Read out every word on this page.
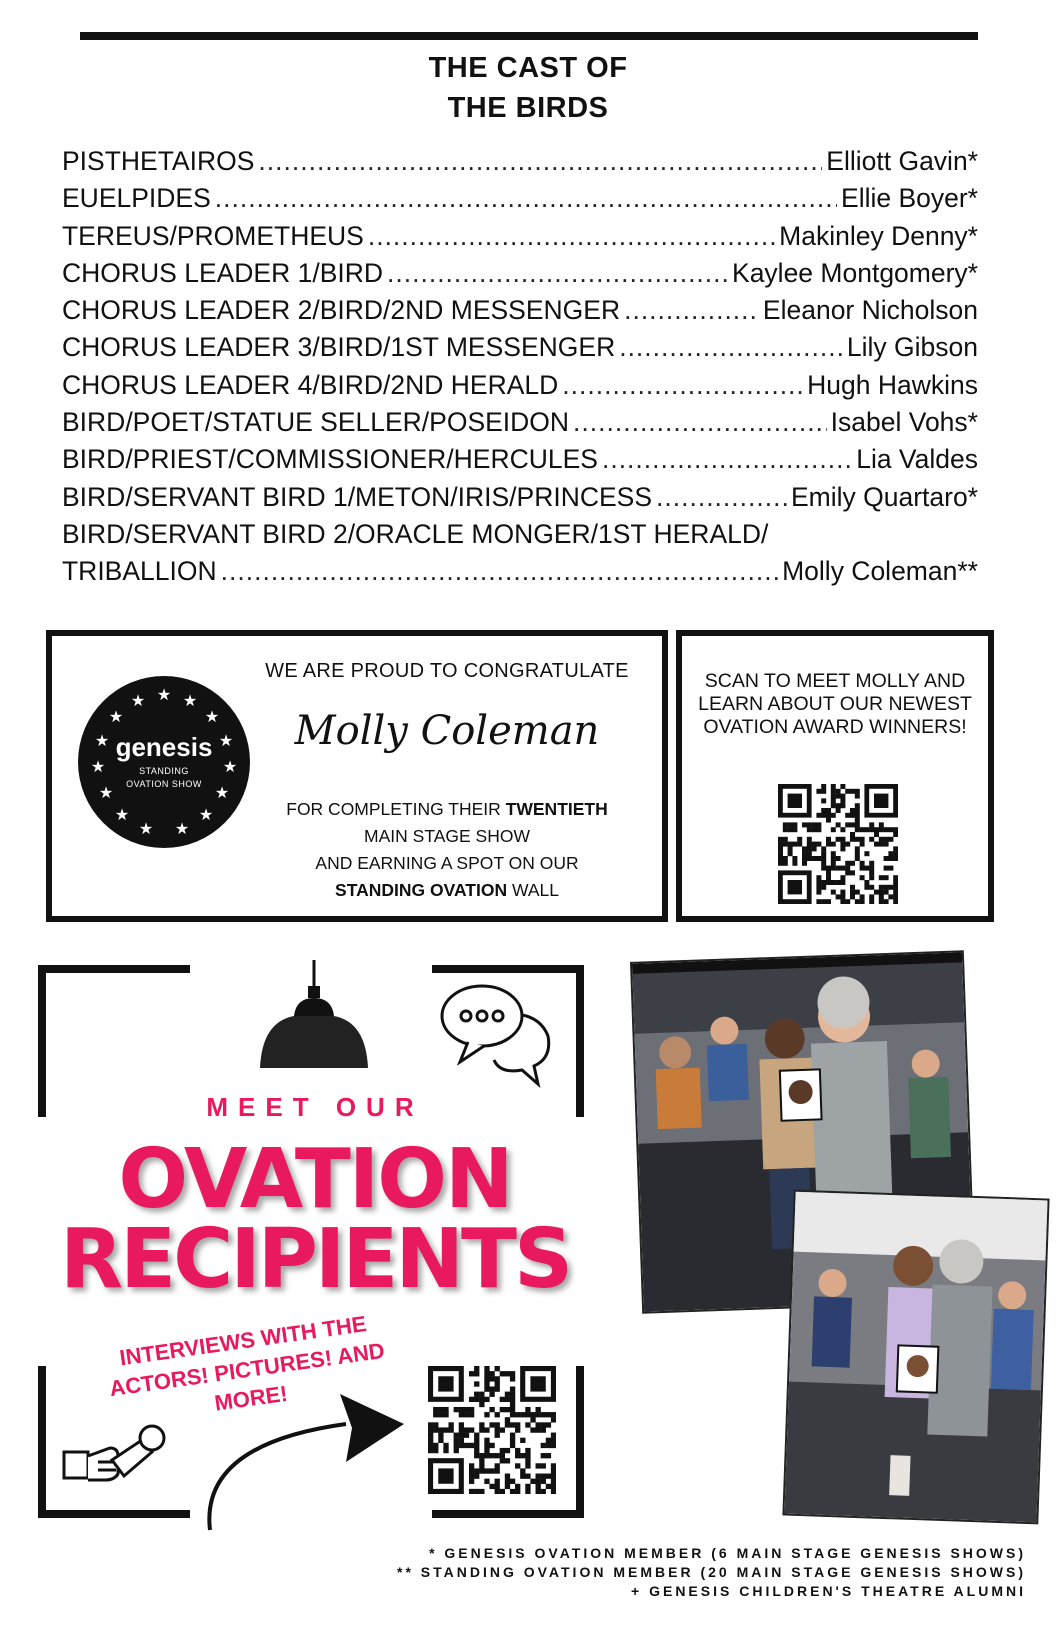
THE CAST OF
THE BIRDS
PISTHETAIROS .....	Elliott Gavin*
EUELPIDES .....	Ellie Boyer*
TEREUS/PROMETHEUS .....	Makinley Denny*
CHORUS LEADER 1/BIRD .....	Kaylee Montgomery*
CHORUS LEADER 2/BIRD/2ND MESSENGER .....	Eleanor Nicholson
CHORUS LEADER 3/BIRD/1ST MESSENGER .....	Lily Gibson
CHORUS LEADER 4/BIRD/2ND HERALD .....	Hugh Hawkins
BIRD/POET/STATUE SELLER/POSEIDON .....	Isabel Vohs*
BIRD/PRIEST/COMMISSIONER/HERCULES .....	Lia Valdes
BIRD/SERVANT BIRD 1/METON/IRIS/PRINCESS .....	Emily Quartaro*
BIRD/SERVANT BIRD 2/ORACLE MONGER/1ST HERALD/
TRIBALLION .....	Molly Coleman**
★ ★
★
★
★
★
★
★
★
★
★
★
★
★
★
genesis
STANDING
OVATION SHOW
WE ARE PROUD TO CONGRATULATE
Molly Coleman
FOR COMPLETING THEIR TWENTIETH
MAIN STAGE SHOW
AND EARNING A SPOT ON OUR
STANDING OVATION WALL
SCAN TO MEET MOLLY AND LEARN ABOUT OUR NEWEST OVATION AWARD WINNERS!
MEET OUR
OVATION
RECIPIENTS
INTERVIEWS WITH THE ACTORS! PICTURES! AND MORE!
* GENESIS OVATION MEMBER (6 MAIN STAGE GENESIS SHOWS)
** STANDING OVATION MEMBER (20 MAIN STAGE GENESIS SHOWS)
+ GENESIS CHILDREN'S THEATRE ALUMNI
